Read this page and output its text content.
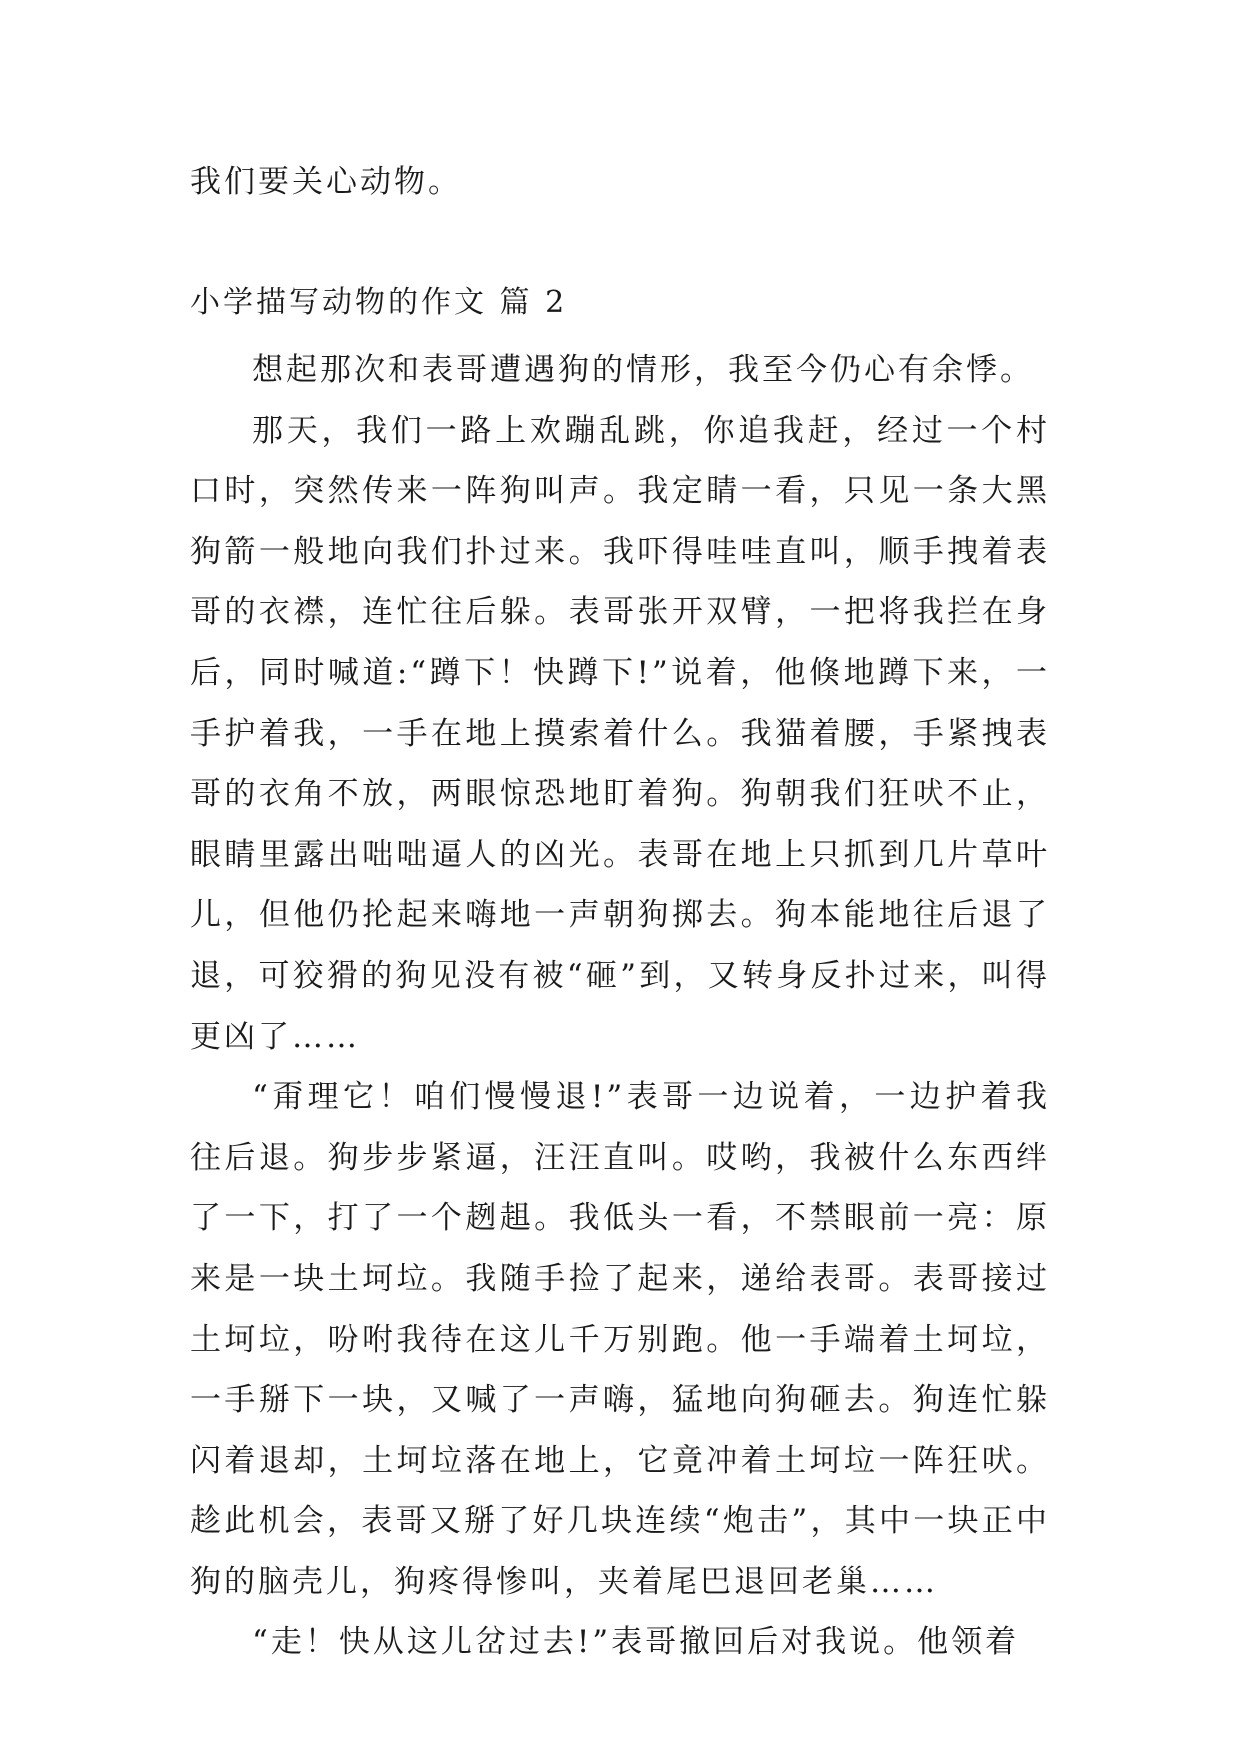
我们要关心动物。

小学描写动物的作文 篇 2

想起那次和表哥遭遇狗的情形，我至今仍心有余悸。

那天，我们一路上欢蹦乱跳，你追我赶，经过一个村口时，突然传来一阵狗叫声。我定睛一看，只见一条大黑狗箭一般地向我们扑过来。我吓得哇哇直叫，顺手拽着表哥的衣襟，连忙往后躲。表哥张开双臂，一把将我拦在身后，同时喊道:“蹲下！快蹲下!”说着，他倏地蹲下来，一手护着我，一手在地上摸索着什么。我猫着腰，手紧拽表哥的衣角不放，两眼惊恐地盯着狗。狗朝我们狂吠不止，眼睛里露出咄咄逼人的凶光。表哥在地上只抓到几片草叶儿，但他仍抡起来嗨地一声朝狗掷去。狗本能地往后退了退，可狡猾的狗见没有被“砸”到，又转身反扑过来，叫得更凶了……

“甭理它！咱们慢慢退!”表哥一边说着，一边护着我往后退。狗步步紧逼，汪汪直叫。哎哟，我被什么东西绊了一下，打了一个趔趄。我低头一看，不禁眼前一亮：原来是一块土坷垃。我随手捡了起来，递给表哥。表哥接过土坷垃，吩咐我待在这儿千万别跑。他一手端着土坷垃，一手掰下一块，又喊了一声嗨，猛地向狗砸去。狗连忙躲闪着退却，土坷垃落在地上，它竟冲着土坷垃一阵狂吠。趁此机会，表哥又掰了好几块连续“炮击”，其中一块正中狗的脑壳儿，狗疼得惨叫，夹着尾巴退回老巢……

“走！快从这儿岔过去!”表哥撤回后对我说。他领着
